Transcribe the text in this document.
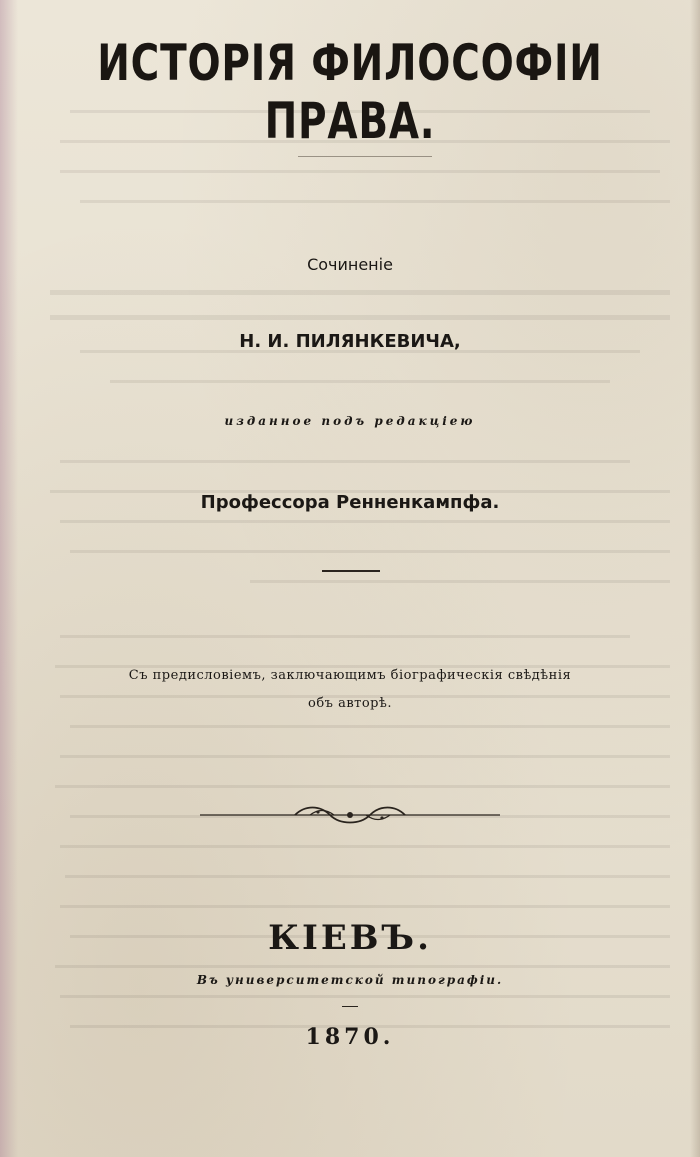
ИСТОРІЯ ФИЛОСОФІИ ПРАВА.
Сочиненіе
Н. И. ПИЛЯНКЕВИЧА,
изданное подъ редакціею
Профессора Ренненкампфа.
Съ предисловіемъ, заключающимъ біографическія свѣдѣнія
объ авторѣ.
КІЕВЪ.
Въ университетской типографіи.
1870.
